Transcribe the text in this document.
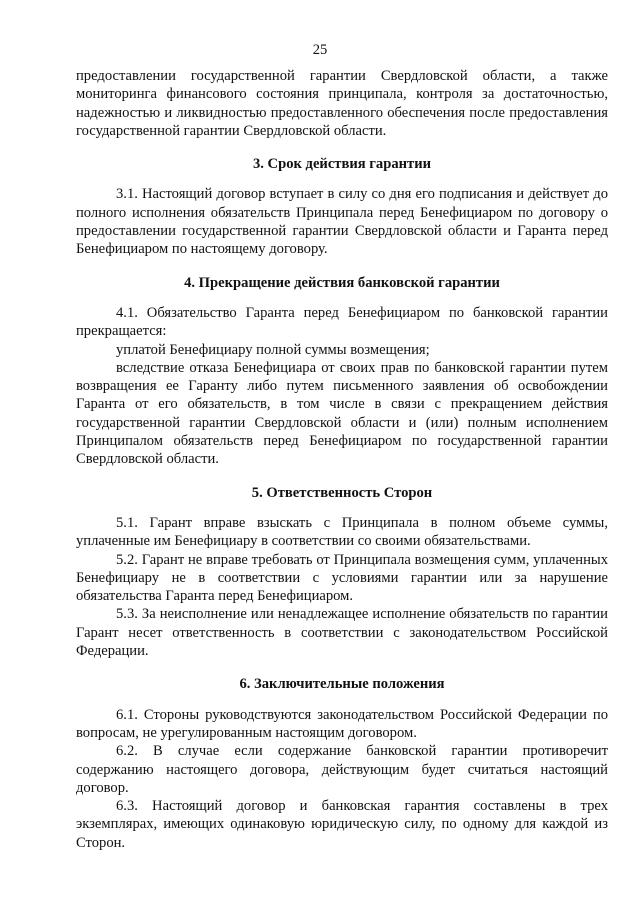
25

предоставлении государственной гарантии Свердловской области, а также мониторинга финансового состояния принципала, контроля за достаточностью, надежностью и ликвидностью предоставленного обеспечения после предоставления государственной гарантии Свердловской области.

3. Срок действия гарантии

3.1. Настоящий договор вступает в силу со дня его подписания и действует до полного исполнения обязательств Принципала перед Бенефициаром по договору о предоставлении государственной гарантии Свердловской области и Гаранта перед Бенефициаром по настоящему договору.

4. Прекращение действия банковской гарантии

4.1. Обязательство Гаранта перед Бенефициаром по банковской гарантии прекращается:

уплатой Бенефициару полной суммы возмещения;

вследствие отказа Бенефициара от своих прав по банковской гарантии путем возвращения ее Гаранту либо путем письменного заявления об освобождении Гаранта от его обязательств, в том числе в связи с прекращением действия государственной гарантии Свердловской области и (или) полным исполнением Принципалом обязательств перед Бенефициаром по государственной гарантии Свердловской области.

5. Ответственность Сторон

5.1. Гарант вправе взыскать с Принципала в полном объеме суммы, уплаченные им Бенефициару в соответствии со своими обязательствами.

5.2. Гарант не вправе требовать от Принципала возмещения сумм, уплаченных Бенефициару не в соответствии с условиями гарантии или за нарушение обязательства Гаранта перед Бенефициаром.

5.3. За неисполнение или ненадлежащее исполнение обязательств по гарантии Гарант несет ответственность в соответствии с законодательством Российской Федерации.

6. Заключительные положения

6.1. Стороны руководствуются законодательством Российской Федерации по вопросам, не урегулированным настоящим договором.

6.2. В случае если содержание банковской гарантии противоречит содержанию настоящего договора, действующим будет считаться настоящий договор.

6.3. Настоящий договор и банковская гарантия составлены в трех экземплярах, имеющих одинаковую юридическую силу, по одному для каждой из Сторон.
